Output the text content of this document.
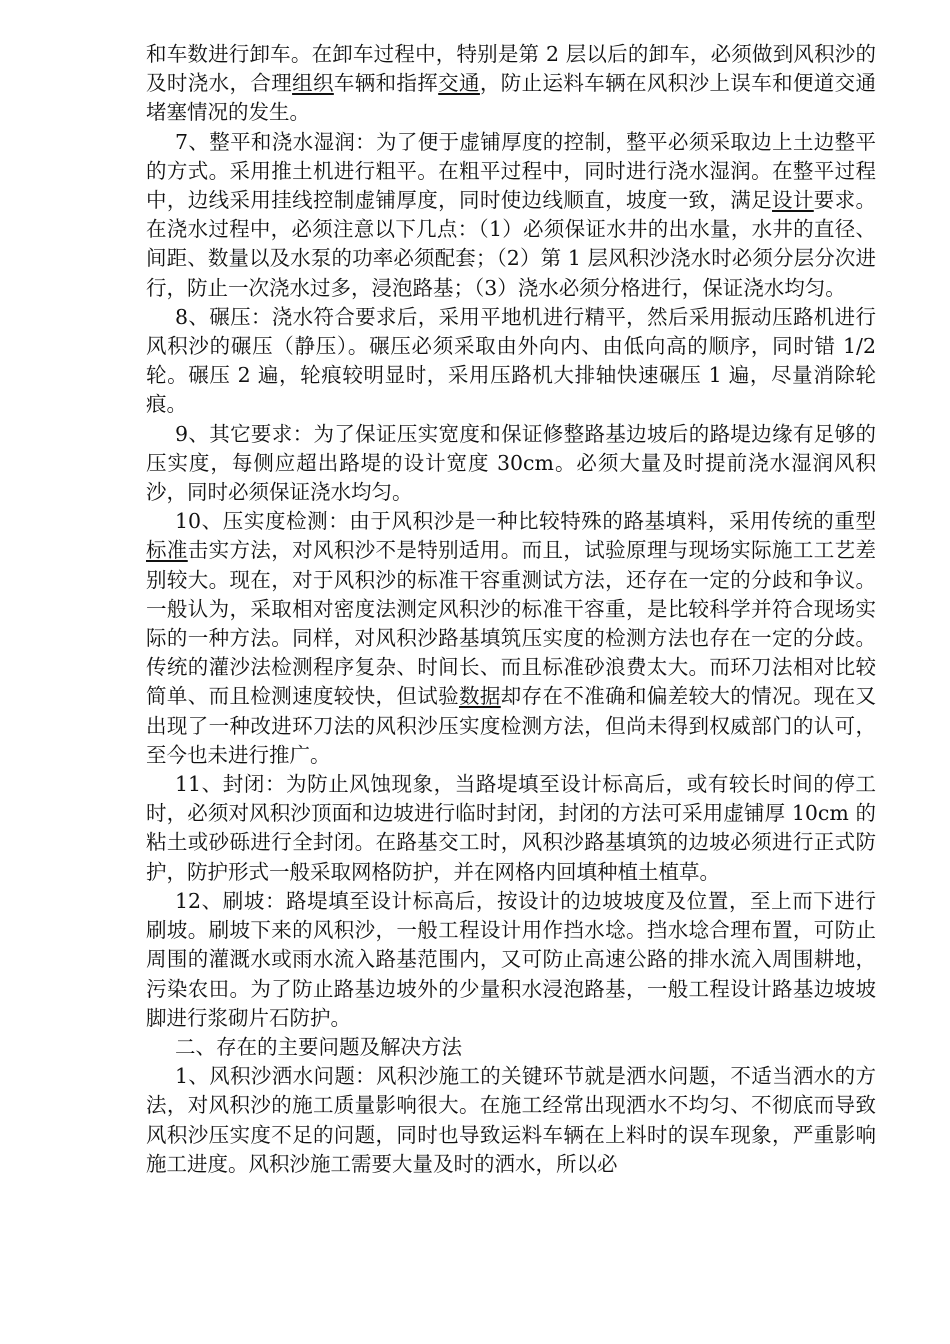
和车数进行卸车。在卸车过程中，特别是第 2 层以后的卸车，必须做到风积沙的及时浇水，合理组织车辆和指挥交通，防止运料车辆在风积沙上误车和便道交通堵塞情况的发生。

7、整平和浇水湿润：为了便于虚铺厚度的控制，整平必须采取边上土边整平的方式。采用推土机进行粗平。在粗平过程中，同时进行浇水湿润。在整平过程中，边线采用挂线控制虚铺厚度，同时使边线顺直，坡度一致，满足设计要求。在浇水过程中，必须注意以下几点：（1）必须保证水井的出水量，水井的直径、间距、数量以及水泵的功率必须配套；（2）第 1 层风积沙浇水时必须分层分次进行，防止一次浇水过多，浸泡路基；（3）浇水必须分格进行，保证浇水均匀。

8、碾压：浇水符合要求后，采用平地机进行精平，然后采用振动压路机进行风积沙的碾压（静压）。碾压必须采取由外向内、由低向高的顺序，同时错 1/2 轮。碾压 2 遍，轮痕较明显时，采用压路机大排轴快速碾压 1 遍，尽量消除轮痕。

9、其它要求：为了保证压实宽度和保证修整路基边坡后的路堤边缘有足够的压实度，每侧应超出路堤的设计宽度 30cm。必须大量及时提前浇水湿润风积沙，同时必须保证浇水均匀。

10、压实度检测：由于风积沙是一种比较特殊的路基填料，采用传统的重型标准击实方法，对风积沙不是特别适用。而且，试验原理与现场实际施工工艺差别较大。现在，对于风积沙的标准干容重测试方法，还存在一定的分歧和争议。一般认为，采取相对密度法测定风积沙的标准干容重，是比较科学并符合现场实际的一种方法。同样，对风积沙路基填筑压实度的检测方法也存在一定的分歧。传统的灌沙法检测程序复杂、时间长、而且标准砂浪费太大。而环刀法相对比较简单、而且检测速度较快，但试验数据却存在不准确和偏差较大的情况。现在又出现了一种改进环刀法的风积沙压实度检测方法，但尚未得到权威部门的认可，至今也未进行推广。

11、封闭：为防止风蚀现象，当路堤填至设计标高后，或有较长时间的停工时，必须对风积沙顶面和边坡进行临时封闭，封闭的方法可采用虚铺厚 10cm 的粘土或砂砾进行全封闭。在路基交工时，风积沙路基填筑的边坡必须进行正式防护，防护形式一般采取网格防护，并在网格内回填种植土植草。

12、刷坡：路堤填至设计标高后，按设计的边坡坡度及位置，至上而下进行刷坡。刷坡下来的风积沙，一般工程设计用作挡水埝。挡水埝合理布置，可防止周围的灌溉水或雨水流入路基范围内，又可防止高速公路的排水流入周围耕地，污染农田。为了防止路基边坡外的少量积水浸泡路基，一般工程设计路基边坡坡脚进行浆砌片石防护。

二、存在的主要问题及解决方法

1、风积沙洒水问题：风积沙施工的关键环节就是洒水问题，不适当洒水的方法，对风积沙的施工质量影响很大。在施工经常出现洒水不均匀、不彻底而导致风积沙压实度不足的问题，同时也导致运料车辆在上料时的误车现象，严重影响施工进度。风积沙施工需要大量及时的洒水，所以必
